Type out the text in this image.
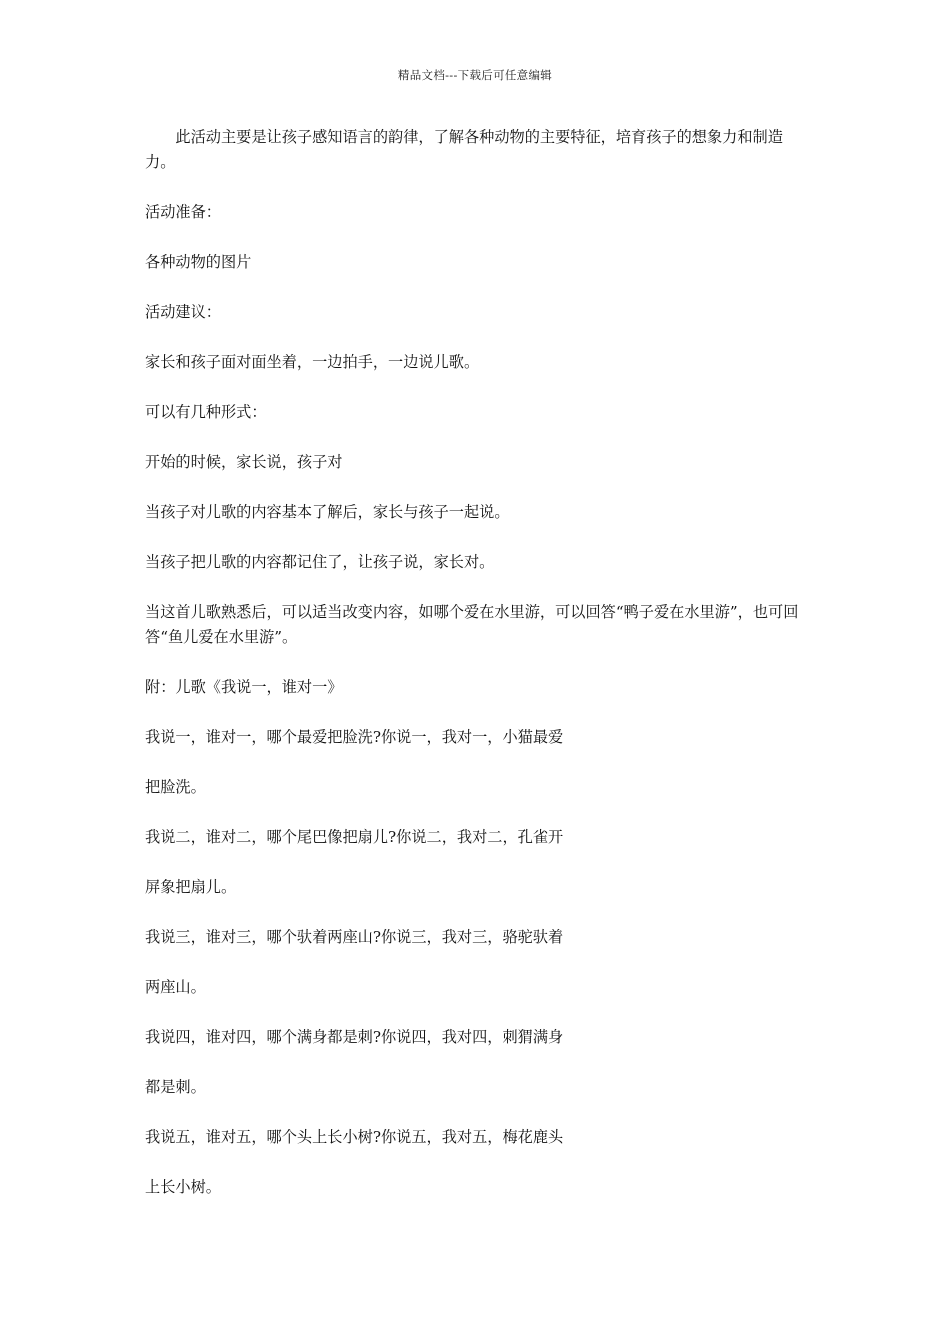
精品文档---下载后可任意编辑

此活动主要是让孩子感知语言的韵律，了解各种动物的主要特征，培育孩子的想象力和制造力。

活动准备：

各种动物的图片

活动建议：

家长和孩子面对面坐着，一边拍手，一边说儿歌。

可以有几种形式：

开始的时候，家长说，孩子对

当孩子对儿歌的内容基本了解后，家长与孩子一起说。

当孩子把儿歌的内容都记住了，让孩子说，家长对。

当这首儿歌熟悉后，可以适当改变内容，如哪个爱在水里游，可以回答“鸭子爱在水里游”，也可回答“鱼儿爱在水里游”。

附：儿歌《我说一，谁对一》

我说一，谁对一，哪个最爱把脸洗?你说一，我对一，小猫最爱

把脸洗。

我说二，谁对二，哪个尾巴像把扇儿?你说二，我对二，孔雀开

屏象把扇儿。

我说三，谁对三，哪个驮着两座山?你说三，我对三，骆驼驮着

两座山。

我说四，谁对四，哪个满身都是刺?你说四，我对四，刺猬满身

都是刺。

我说五，谁对五，哪个头上长小树?你说五，我对五，梅花鹿头

上长小树。
